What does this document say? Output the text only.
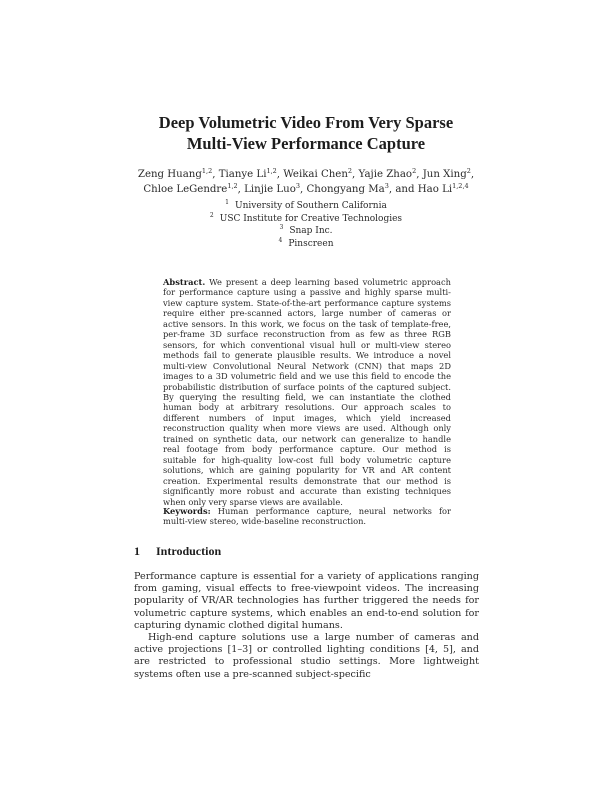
Deep Volumetric Video From Very Sparse
Multi-View Performance Capture
Zeng Huang$^{1,2}$, Tianye Li$^{1,2}$, Weikai Chen$^2$, Yajie Zhao$^2$, Jun Xing$^2$,
Chloe LeGendre$^{1,2}$, Linjie Luo$^3$, Chongyang Ma$^3$, and Hao Li$^{1,2,4}$
$^1$ University of Southern California
$^2$ USC Institute for Creative Technologies
$^3$ Snap Inc.
$^4$ Pinscreen
Abstract. We present a deep learning based volumetric approach for performance capture using a passive and highly sparse multi-view capture system. State-of-the-art performance capture systems require either pre-scanned actors, large number of cameras or active sensors. In this work, we focus on the task of template-free, per-frame 3D surface reconstruction from as few as three RGB sensors, for which conventional visual hull or multi-view stereo methods fail to generate plausible results. We introduce a novel multi-view Convolutional Neural Network (CNN) that maps 2D images to a 3D volumetric field and we use this field to encode the probabilistic distribution of surface points of the captured subject. By querying the resulting field, we can instantiate the clothed human body at arbitrary resolutions. Our approach scales to different numbers of input images, which yield increased reconstruction quality when more views are used. Although only trained on synthetic data, our network can generalize to handle real footage from body performance capture. Our method is suitable for high-quality low-cost full body volumetric capture solutions, which are gaining popularity for VR and AR content creation. Experimental results demonstrate that our method is significantly more robust and accurate than existing techniques when only very sparse views are available.
Keywords: Human performance capture, neural networks for multi-view stereo, wide-baseline reconstruction.
1 Introduction

Performance capture is essential for a variety of applications ranging from gaming, visual effects to free-viewpoint videos. The increasing popularity of VR/AR technologies has further triggered the needs for volumetric capture systems, which enables an end-to-end solution for capturing dynamic clothed digital humans.

High-end capture solutions use a large number of cameras and active projections [1–3] or controlled lighting conditions [4, 5], and are restricted to professional studio settings. More lightweight systems often use a pre-scanned subject-specific
